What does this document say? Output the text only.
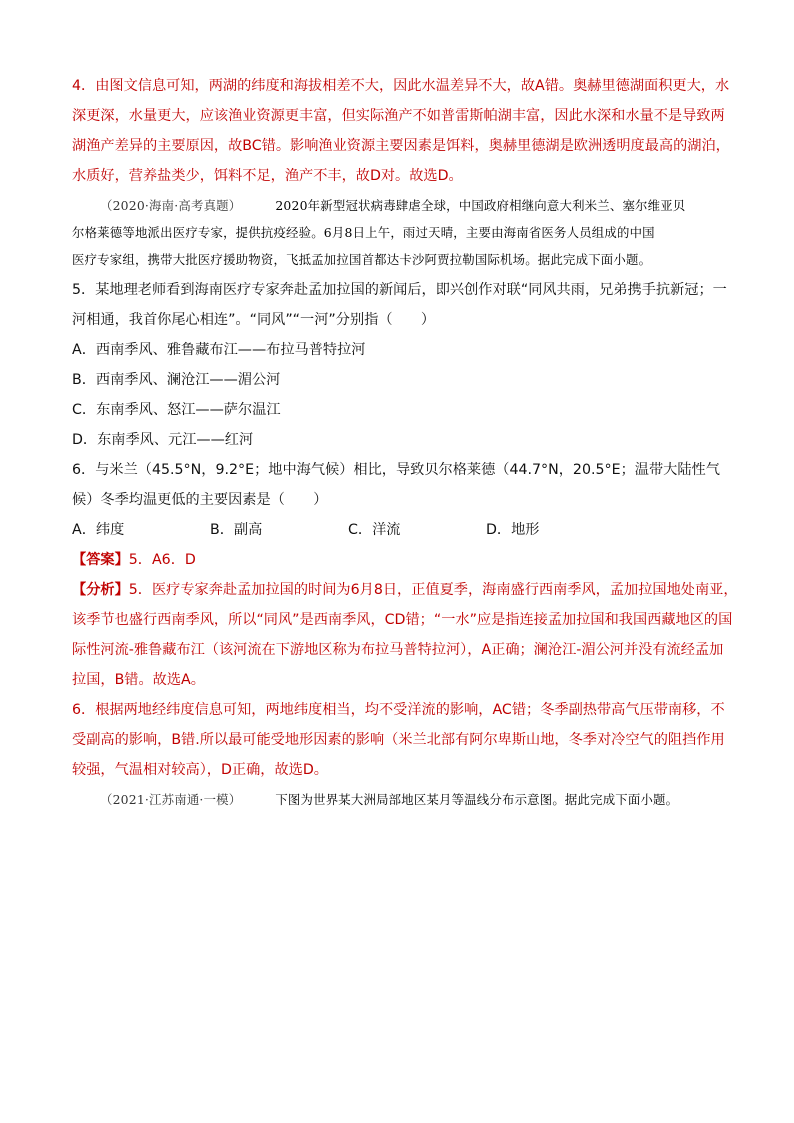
4．由图文信息可知，两湖的纬度和海拔相差不大，因此水温差异不大，故A错。奥赫里德湖面积更大，水
深更深，水量更大，应该渔业资源更丰富，但实际渔产不如普雷斯帕湖丰富，因此水深和水量不是导致两
湖渔产差异的主要原因，故BC错。影响渔业资源主要因素是饵料，奥赫里德湖是欧洲透明度最高的湖泊，
水质好，营养盐类少，饵料不足，渔产不丰，故D对。故选D。
（2020·海南·高考真题）	2020年新型冠状病毒肆虐全球，中国政府相继向意大利米兰、塞尔维亚贝
尔格莱德等地派出医疗专家，提供抗疫经验。6月8日上午，雨过天晴，主要由海南省医务人员组成的中国
医疗专家组，携带大批医疗援助物资，飞抵孟加拉国首都达卡沙阿贾拉勒国际机场。据此完成下面小题。
5．某地理老师看到海南医疗专家奔赴孟加拉国的新闻后，即兴创作对联“同风共雨，兄弟携手抗新冠；一
河相通，我首你尾心相连”。“同风”“一河”分别指（　　）
A．西南季风、雅鲁藏布江——布拉马普特拉河
B．西南季风、澜沧江——湄公河
C．东南季风、怒江——萨尔温江
D．东南季风、元江——红河
6．与米兰（45.5°N，9.2°E；地中海气候）相比，导致贝尔格莱德（44.7°N，20.5°E；温带大陆性气
候）冬季均温更低的主要因素是（　　）
A．纬度	B．副高	C．洋流	D．地形
【答案】5．A6．D
【分析】5．医疗专家奔赴孟加拉国的时间为6月8日，正值夏季，海南盛行西南季风，孟加拉国地处南亚，
该季节也盛行西南季风，所以“同风”是西南季风，CD错；“一水”应是指连接孟加拉国和我国西藏地区的国
际性河流-雅鲁藏布江（该河流在下游地区称为布拉马普特拉河），A正确；澜沧江-湄公河并没有流经孟加
拉国，B错。故选A。
6．根据两地经纬度信息可知，两地纬度相当，均不受洋流的影响，AC错；冬季副热带高气压带南移，不
受副高的影响，B错.所以最可能受地形因素的影响（米兰北部有阿尔卑斯山地，冬季对冷空气的阻挡作用
较强，气温相对较高），D正确，故选D。
（2021·江苏南通·一模）	下图为世界某大洲局部地区某月等温线分布示意图。据此完成下面小题。
